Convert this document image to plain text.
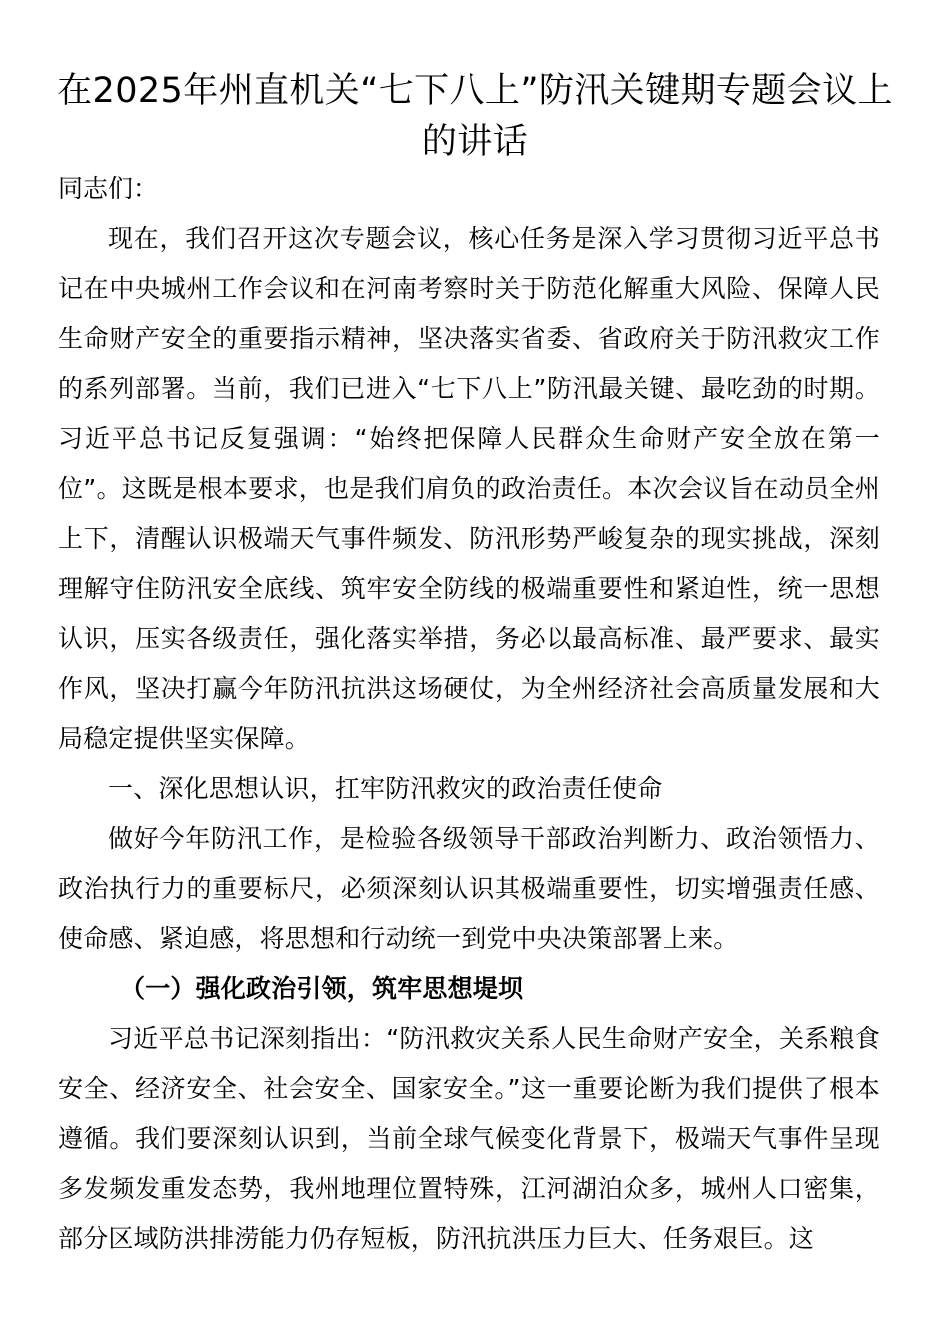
在2025年州直机关“七下八上”防汛关键期专题会议上的讲话

同志们：

现在，我们召开这次专题会议，核心任务是深入学习贯彻习近平总书记在中央城州工作会议和在河南考察时关于防范化解重大风险、保障人民生命财产安全的重要指示精神，坚决落实省委、省政府关于防汛救灾工作的系列部署。当前，我们已进入“七下八上”防汛最关键、最吃劲的时期。习近平总书记反复强调：“始终把保障人民群众生命财产安全放在第一位”。这既是根本要求，也是我们肩负的政治责任。本次会议旨在动员全州上下，清醒认识极端天气事件频发、防汛形势严峻复杂的现实挑战，深刻理解守住防汛安全底线、筑牢安全防线的极端重要性和紧迫性，统一思想认识，压实各级责任，强化落实举措，务必以最高标准、最严要求、最实作风，坚决打赢今年防汛抗洪这场硬仗，为全州经济社会高质量发展和大局稳定提供坚实保障。

一、深化思想认识，扛牢防汛救灾的政治责任使命

做好今年防汛工作，是检验各级领导干部政治判断力、政治领悟力、政治执行力的重要标尺，必须深刻认识其极端重要性，切实增强责任感、使命感、紧迫感，将思想和行动统一到党中央决策部署上来。

（一）强化政治引领，筑牢思想堤坝

习近平总书记深刻指出：“防汛救灾关系人民生命财产安全，关系粮食安全、经济安全、社会安全、国家安全。”这一重要论断为我们提供了根本遵循。我们要深刻认识到，当前全球气候变化背景下，极端天气事件呈现多发频发重发态势，我州地理位置特殊，江河湖泊众多，城州人口密集，部分区域防洪排涝能力仍存短板，防汛抗洪压力巨大、任务艰巨。这
